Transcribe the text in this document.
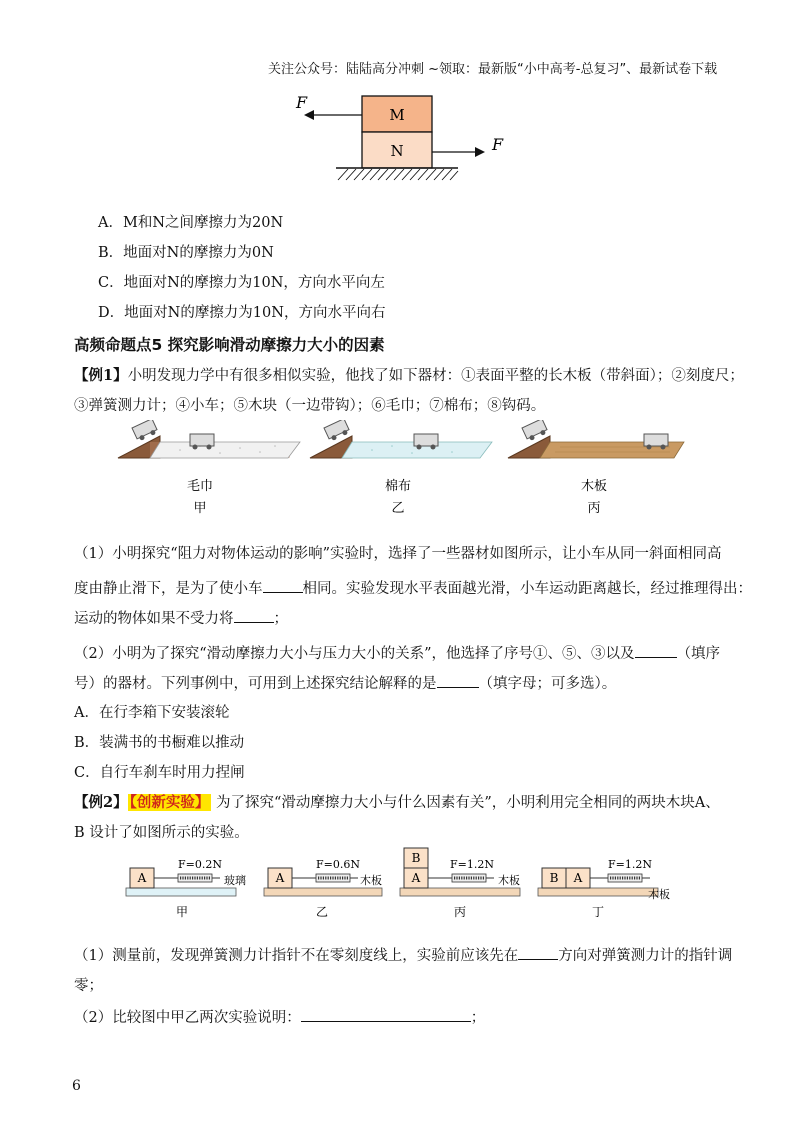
关注公众号：陆陆高分冲刺 ~领取：最新版“小中高考-总复习”、最新试卷下载
F
M
N	F
A．M和N之间摩擦力为20N
B．地面对N的摩擦力为0N
C．地面对N的摩擦力为10N，方向水平向左
D．地面对N的摩擦力为10N，方向水平向右
高频命题点5 探究影响滑动摩擦力大小的因素
【例1】小明发现力学中有很多相似实验，他找了如下器材：①表面平整的长木板（带斜面）；②刻度尺；
③弹簧测力计；④小车；⑤木块（一边带钩）；⑥毛巾；⑦棉布；⑧钩码。
毛巾
甲
棉布
乙
木板
丙
（1）小明探究“阻力对物体运动的影响”实验时，选择了一些器材如图所示，让小车从同一斜面相同高
度由静止滑下，是为了使小车	相同。实验发现水平表面越光滑，小车运动距离越长，经过推理得出：
运动的物体如果不受力将	；
（2）小明为了探究“滑动摩擦力大小与压力大小的关系”，他选择了序号①、⑤、③以及	（填序
号）的器材。下列事例中，可用到上述探究结论解释的是	（填字母；可多选）。
A．在行李箱下安装滚轮
B．装满书的书橱难以推动
C．自行车刹车时用力捏闸
【例2】 【创新实验】 为了探究“滑动摩擦力大小与什么因素有关”，小明利用完全相同的两块木块A、
B 设计了如图所示的实验。
A
F=0.2N
玻璃
甲
A
F=0.6N
木板
乙
B
A
F=1.2N
木板
丙
B A
F=1.2N
木板
丁
（1）测量前，发现弹簧测力计指针不在零刻度线上，实验前应该先在	方向对弹簧测力计的指针调
零；
（2）比较图中甲乙两次实验说明：	；
6
